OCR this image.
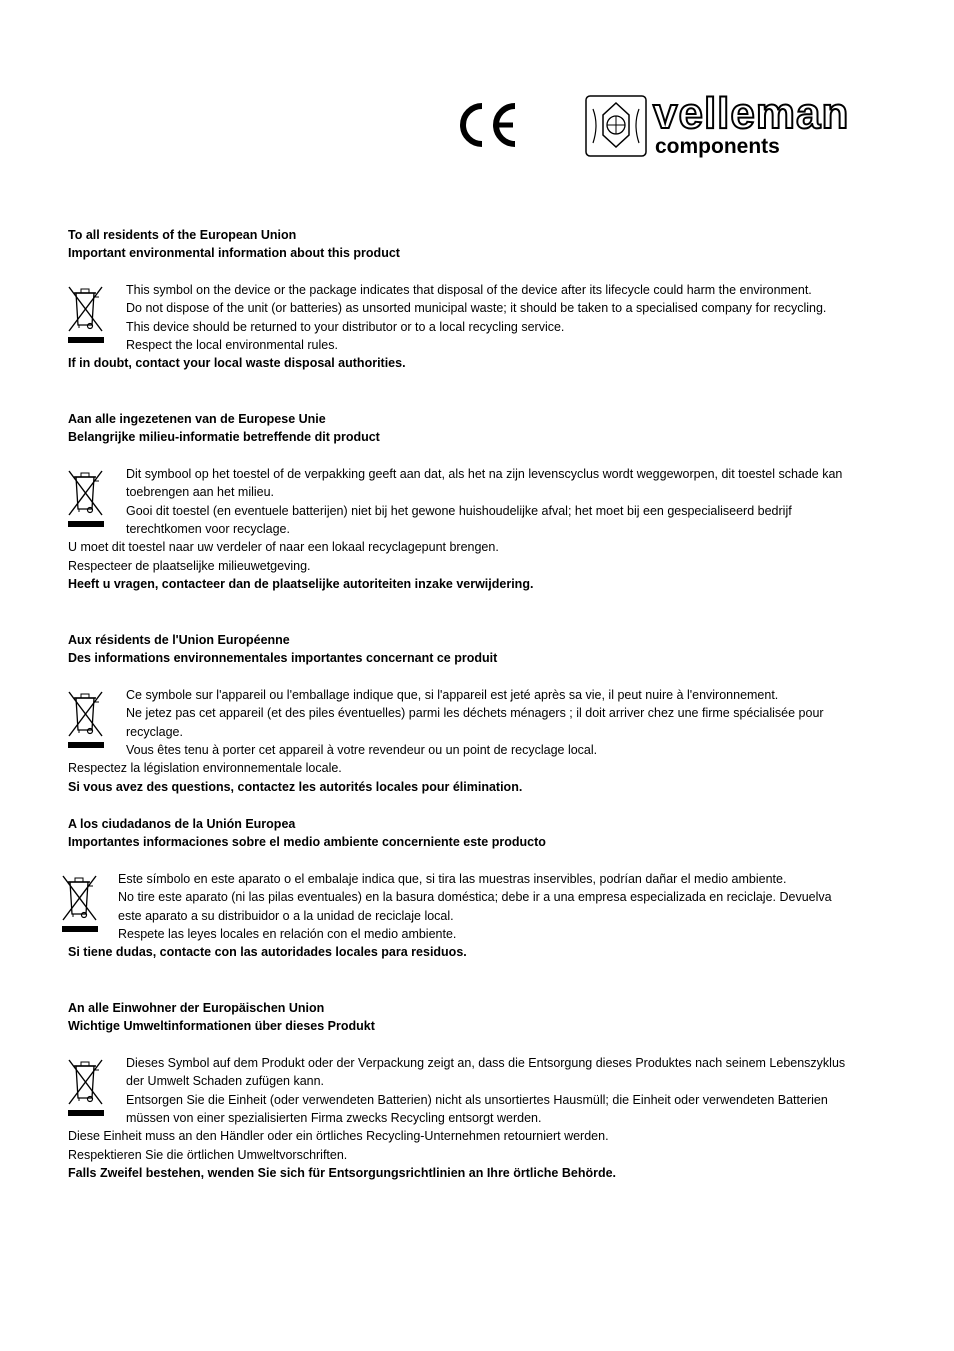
velleman
components
To all residents of the European Union
Important environmental information about this product
This symbol on the device or the package indicates that disposal of the device after its lifecycle could harm the environment.
Do not dispose of the unit (or batteries) as unsorted municipal waste; it should be taken to a specialised company for recycling.
This device should be returned to your distributor or to a local recycling service.
Respect the local environmental rules.
If in doubt, contact your local waste disposal authorities.
Aan alle ingezetenen van de Europese Unie
Belangrijke milieu-informatie betreffende dit product
Dit symbool op het toestel of de verpakking geeft aan dat, als het na zijn levenscyclus wordt weggeworpen, dit toestel schade kan
toebrengen aan het milieu.
Gooi dit toestel (en eventuele batterijen) niet bij het gewone huishoudelijke afval; het moet bij een gespecialiseerd bedrijf
terechtkomen voor recyclage.
U moet dit toestel naar uw verdeler of naar een lokaal recyclagepunt brengen.
Respecteer de plaatselijke milieuwetgeving.
Heeft u vragen, contacteer dan de plaatselijke autoriteiten inzake verwijdering.
Aux résidents de l'Union Européenne
Des informations environnementales importantes concernant ce produit
Ce symbole sur l'appareil ou l'emballage indique que, si l'appareil est jeté après sa vie, il peut nuire à l'environnement.
Ne jetez pas cet appareil (et des piles éventuelles) parmi les déchets ménagers ; il doit arriver chez une firme spécialisée pour
recyclage.
Vous êtes tenu à porter cet appareil à votre revendeur ou un point de recyclage local.
Respectez la législation environnementale locale.
Si vous avez des questions, contactez les autorités locales pour élimination.
A los ciudadanos de la Unión Europea
Importantes informaciones sobre el medio ambiente concerniente este producto
Este símbolo en este aparato o el embalaje indica que, si tira las muestras inservibles, podrían dañar el medio ambiente.
No tire este aparato (ni las pilas eventuales) en la basura doméstica; debe ir a una empresa especializada en reciclaje. Devuelva
este aparato a su distribuidor o a la unidad de reciclaje local.
Respete las leyes locales en relación con el medio ambiente.
Si tiene dudas, contacte con las autoridades locales para residuos.
An alle Einwohner der Europäischen Union
Wichtige Umweltinformationen über dieses Produkt
Dieses Symbol auf dem Produkt oder der Verpackung zeigt an, dass die Entsorgung dieses Produktes nach seinem Lebenszyklus
der Umwelt Schaden zufügen kann.
Entsorgen Sie die Einheit (oder verwendeten Batterien) nicht als unsortiertes Hausmüll; die Einheit oder verwendeten Batterien
müssen von einer spezialisierten Firma zwecks Recycling entsorgt werden.
Diese Einheit muss an den Händler oder ein örtliches Recycling-Unternehmen retourniert werden.
Respektieren Sie die örtlichen Umweltvorschriften.
Falls Zweifel bestehen, wenden Sie sich für Entsorgungsrichtlinien an Ihre örtliche Behörde.
